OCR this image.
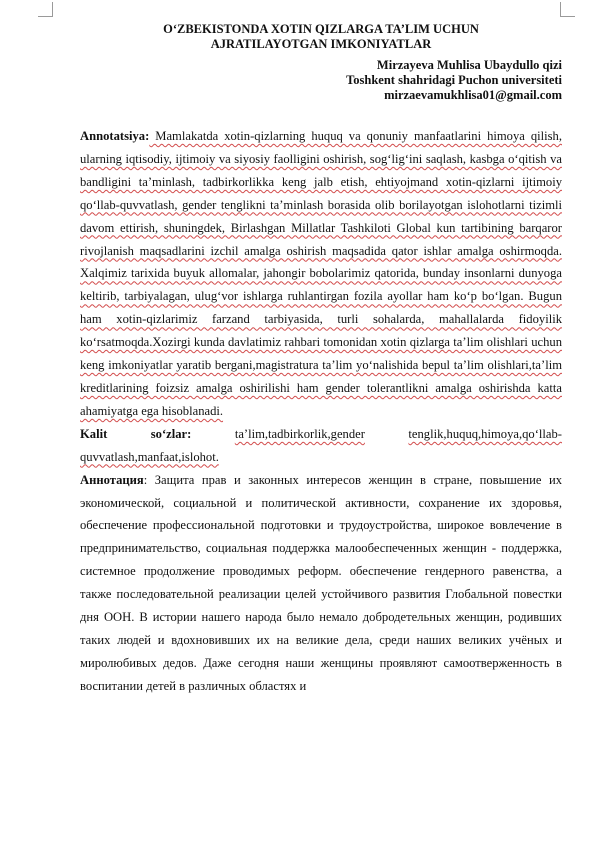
O‘ZBEKISTONDA XOTIN QIZLARGA TA’LIM UCHUN
AJRATILAYOTGAN IMKONIYATLAR
Mirzayeva Muhlisa Ubaydullo qizi
Toshkent shahridagi Puchon universiteti
mirzaevamukhlisa01@gmail.com
Annotatsiya: Mamlakatda xotin-qizlarning huquq va qonuniy manfaatlarini himoya qilish, ularning iqtisodiy, ijtimoiy va siyosiy faolligini oshirish, sog‘lig‘ini saqlash, kasbga o‘qitish va bandligini ta’minlash, tadbirkorlikka keng jalb etish, ehtiyojmand xotin-qizlarni ijtimoiy qo‘llab-quvvatlash, gender tenglikni ta’minlash borasida olib borilayotgan islohotlarni tizimli davom ettirish, shuningdek, Birlashgan Millatlar Tashkiloti Global kun tartibining barqaror rivojlanish maqsadlarini izchil amalga oshirish maqsadida qator ishlar amalga oshirmoqda. Xalqimiz tarixida buyuk allomalar, jahongir bobolarimiz qatorida, bunday insonlarni dunyoga keltirib, tarbiyalagan, ulug‘vor ishlarga ruhlantirgan fozila ayollar ham ko‘p bo‘lgan. Bugun ham xotin-qizlarimiz farzand tarbiyasida, turli sohalarda, mahallalarda fidoyilik ko‘rsatmoqda.Xozirgi kunda davlatimiz rahbari tomonidan xotin qizlarga ta’lim olishlari uchun keng imkoniyatlar yaratib bergani,magistratura ta’lim yo‘nalishida bepul ta’lim olishlari,ta’lim kreditlarining foizsiz amalga oshirilishi ham gender tolerantlikni amalga oshirishda katta ahamiyatga ega hisoblanadi.
Kalit	so‘zlar:	ta’lim,tadbirkorlik,gender	tenglik,huquq,himoya,qo‘llab-
quvvatlash,manfaat,islohot.
Аннотация: Защита прав и законных интересов женщин в стране, повышение их экономической, социальной и политической активности, сохранение их здоровья, обеспечение профессиональной подготовки и трудоустройства, широкое вовлечение в предпринимательство, социальная поддержка малообеспеченных женщин - поддержка, системное продолжение проводимых реформ. обеспечение гендерного равенства, а также последовательной реализации целей устойчивого развития Глобальной повестки дня ООН. В истории нашего народа было немало добродетельных женщин, родивших таких людей и вдохновивших их на великие дела, среди наших великих учёных и миролюбивых дедов. Даже сегодня наши женщины проявляют самоотверженность в воспитании детей в различных областях и
